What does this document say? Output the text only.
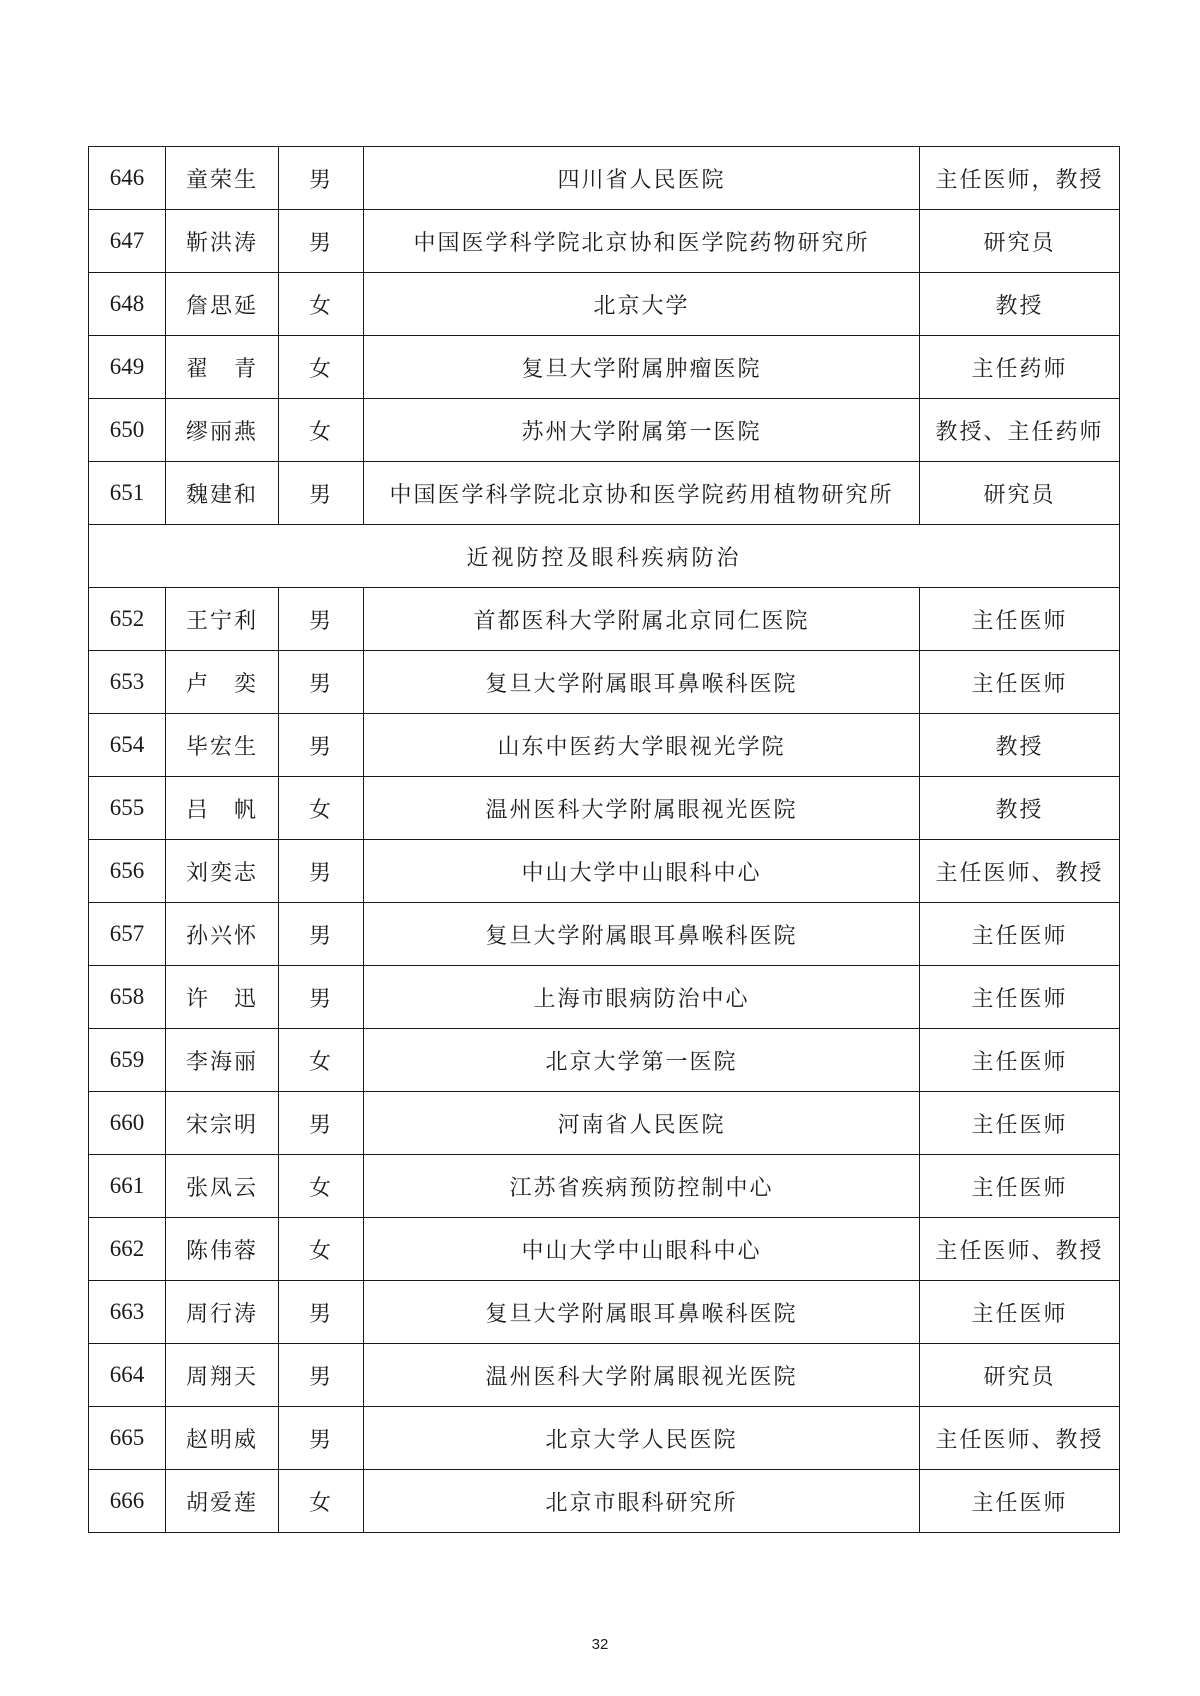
646	童荣生	男	四川省人民医院	主任医师，教授
647	靳洪涛	男	中国医学科学院北京协和医学院药物研究所	研究员
648	詹思延	女	北京大学	教授
649	翟　青	女	复旦大学附属肿瘤医院	主任药师
650	缪丽燕	女	苏州大学附属第一医院	教授、主任药师
651	魏建和	男	中国医学科学院北京协和医学院药用植物研究所	研究员
近视防控及眼科疾病防治				
652	王宁利	男	首都医科大学附属北京同仁医院	主任医师
653	卢　奕	男	复旦大学附属眼耳鼻喉科医院	主任医师
654	毕宏生	男	山东中医药大学眼视光学院	教授
655	吕　帆	女	温州医科大学附属眼视光医院	教授
656	刘奕志	男	中山大学中山眼科中心	主任医师、教授
657	孙兴怀	男	复旦大学附属眼耳鼻喉科医院	主任医师
658	许　迅	男	上海市眼病防治中心	主任医师
659	李海丽	女	北京大学第一医院	主任医师
660	宋宗明	男	河南省人民医院	主任医师
661	张凤云	女	江苏省疾病预防控制中心	主任医师
662	陈伟蓉	女	中山大学中山眼科中心	主任医师、教授
663	周行涛	男	复旦大学附属眼耳鼻喉科医院	主任医师
664	周翔天	男	温州医科大学附属眼视光医院	研究员
665	赵明威	男	北京大学人民医院	主任医师、教授
666	胡爱莲	女	北京市眼科研究所	主任医师
32
